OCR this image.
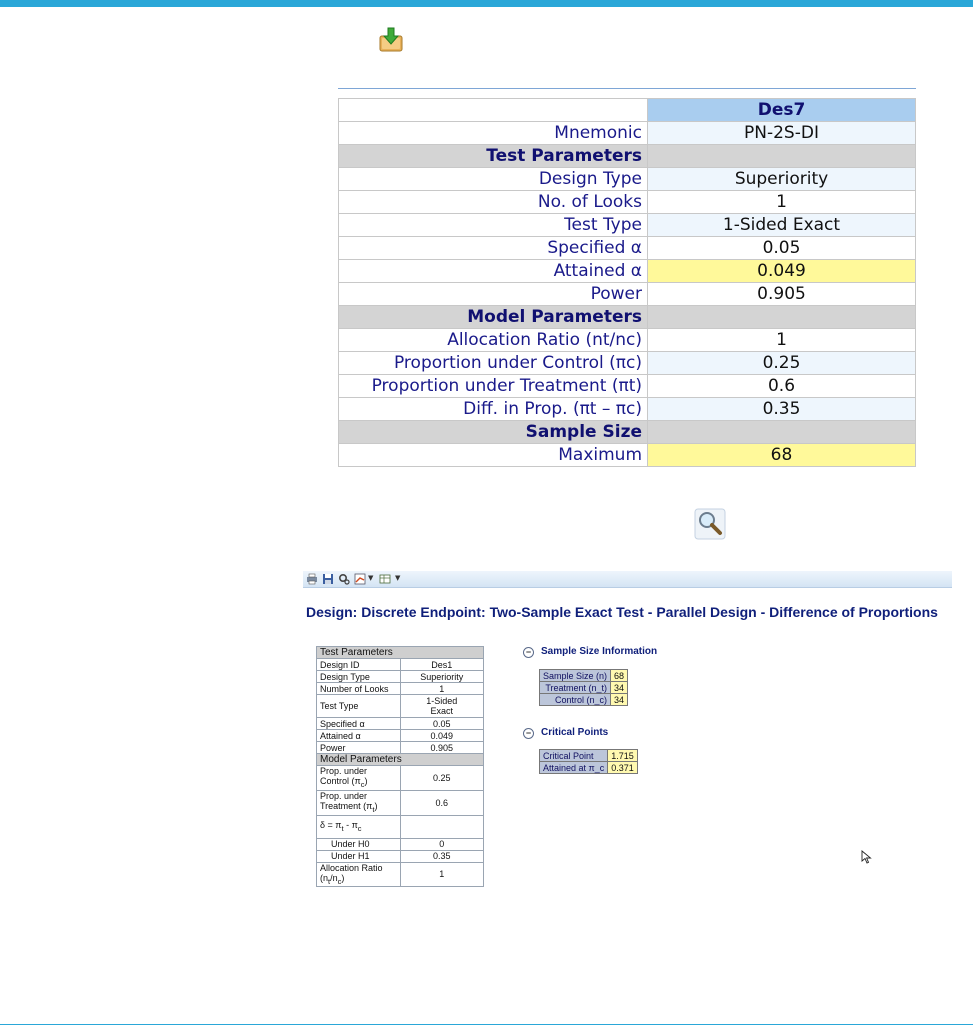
	Des7
Mnemonic	PN-2S-DI
Test Parameters	
Design Type	Superiority
No. of Looks	1
Test Type	1-Sided Exact
Specified α	0.05
Attained α	0.049
Power	0.905
Model Parameters	
Allocation Ratio (nt/nc)	1
Proportion under Control (πc)	0.25
Proportion under Treatment (πt)	0.6
Diff. in Prop. (πt – πc)	0.35
Sample Size	
Maximum	68
▼	▼
Design: Discrete Endpoint: Two-Sample Exact Test - Parallel Design - Difference of Proportions
Test Parameters	
Design ID	Des1
Design Type	Superiority
Number of Looks	1
Test Type	1-Sided
Exact
Specified α	0.05
Attained α	0.049
Power	0.905
Model Parameters	
Prop. under Control $(\pi_c)$	0.25
Prop. under Treatment $(\pi_t)$	0.6
$\delta = \pi_t - \pi_c$	
Under H0	0
Under H1	0.35
Allocation Ratio $(n_t/n_c)$	1
− Sample Size Information
Sample Size (n)	68
Treatment (n_t)	34
Control (n_c)	34
− Critical Points
Critical Point	1.715
Attained at π_c	0.371
